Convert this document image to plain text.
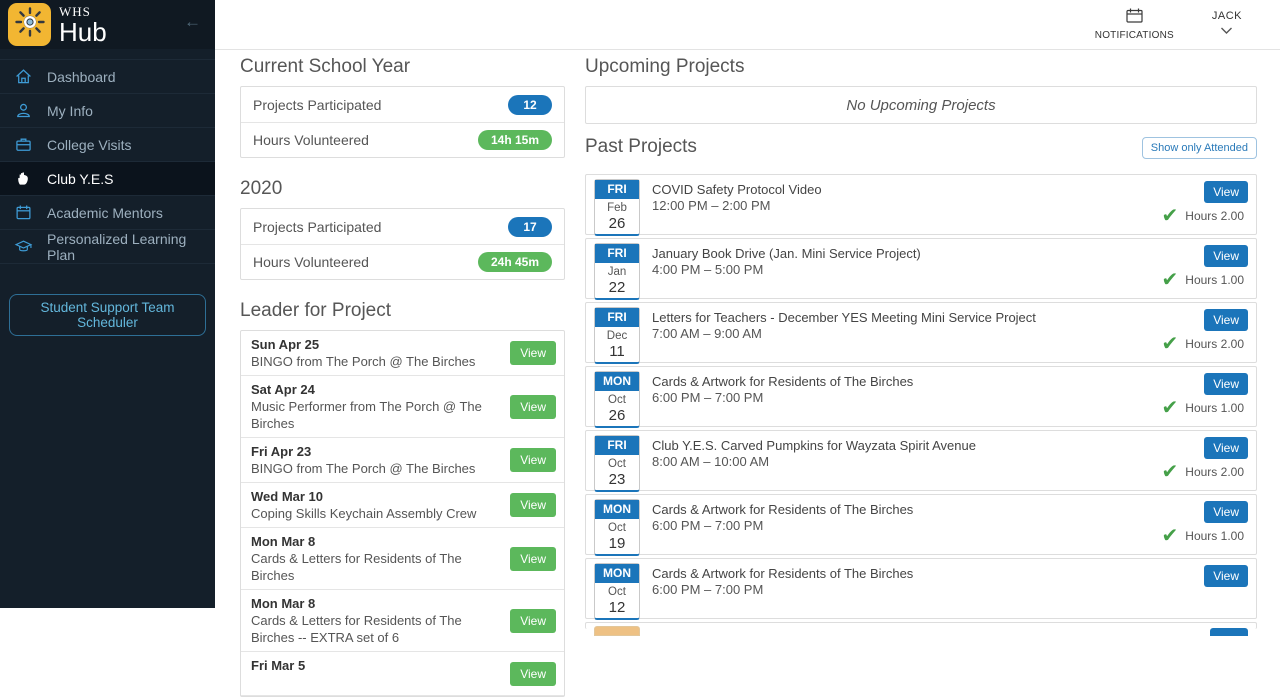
WHS
Hub	←
Dashboard
My Info
College Visits
Club Y.E.S
Academic Mentors
Personalized Learning Plan
Student Support Team Scheduler
NOTIFICATIONS
JACK
Current School Year
Projects Participated	12
Hours Volunteered	14h 15m
2020
Projects Participated	17
Hours Volunteered	24h 45m
Leader for Project
Sun Apr 25
BINGO from The Porch @ The Birches
View
Sat Apr 24
Music Performer from The Porch @ The Birches
View
Fri Apr 23
BINGO from The Porch @ The Birches
View
Wed Mar 10
Coping Skills Keychain Assembly Crew
View
Mon Mar 8
Cards & Letters for Residents of The Birches
View
Mon Mar 8
Cards & Letters for Residents of The Birches -- EXTRA set of 6
View
Fri Mar 5
View
Upcoming Projects
No Upcoming Projects
Past Projects	Show only Attended
FRI
Feb
26
COVID Safety Protocol Video
12:00 PM – 2:00 PM
View
✔ Hours 2.00
FRI
Jan
22
January Book Drive (Jan. Mini Service Project)
4:00 PM – 5:00 PM
View
✔ Hours 1.00
FRI
Dec
11
Letters for Teachers - December YES Meeting Mini Service Project
7:00 AM – 9:00 AM
View
✔ Hours 2.00
MON
Oct
26
Cards & Artwork for Residents of The Birches
6:00 PM – 7:00 PM
View
✔ Hours 1.00
FRI
Oct
23
Club Y.E.S. Carved Pumpkins for Wayzata Spirit Avenue
8:00 AM – 10:00 AM
View
✔ Hours 2.00
MON
Oct
19
Cards & Artwork for Residents of The Birches
6:00 PM – 7:00 PM
View
✔ Hours 1.00
MON
Oct
12
Cards & Artwork for Residents of The Birches
6:00 PM – 7:00 PM
View
